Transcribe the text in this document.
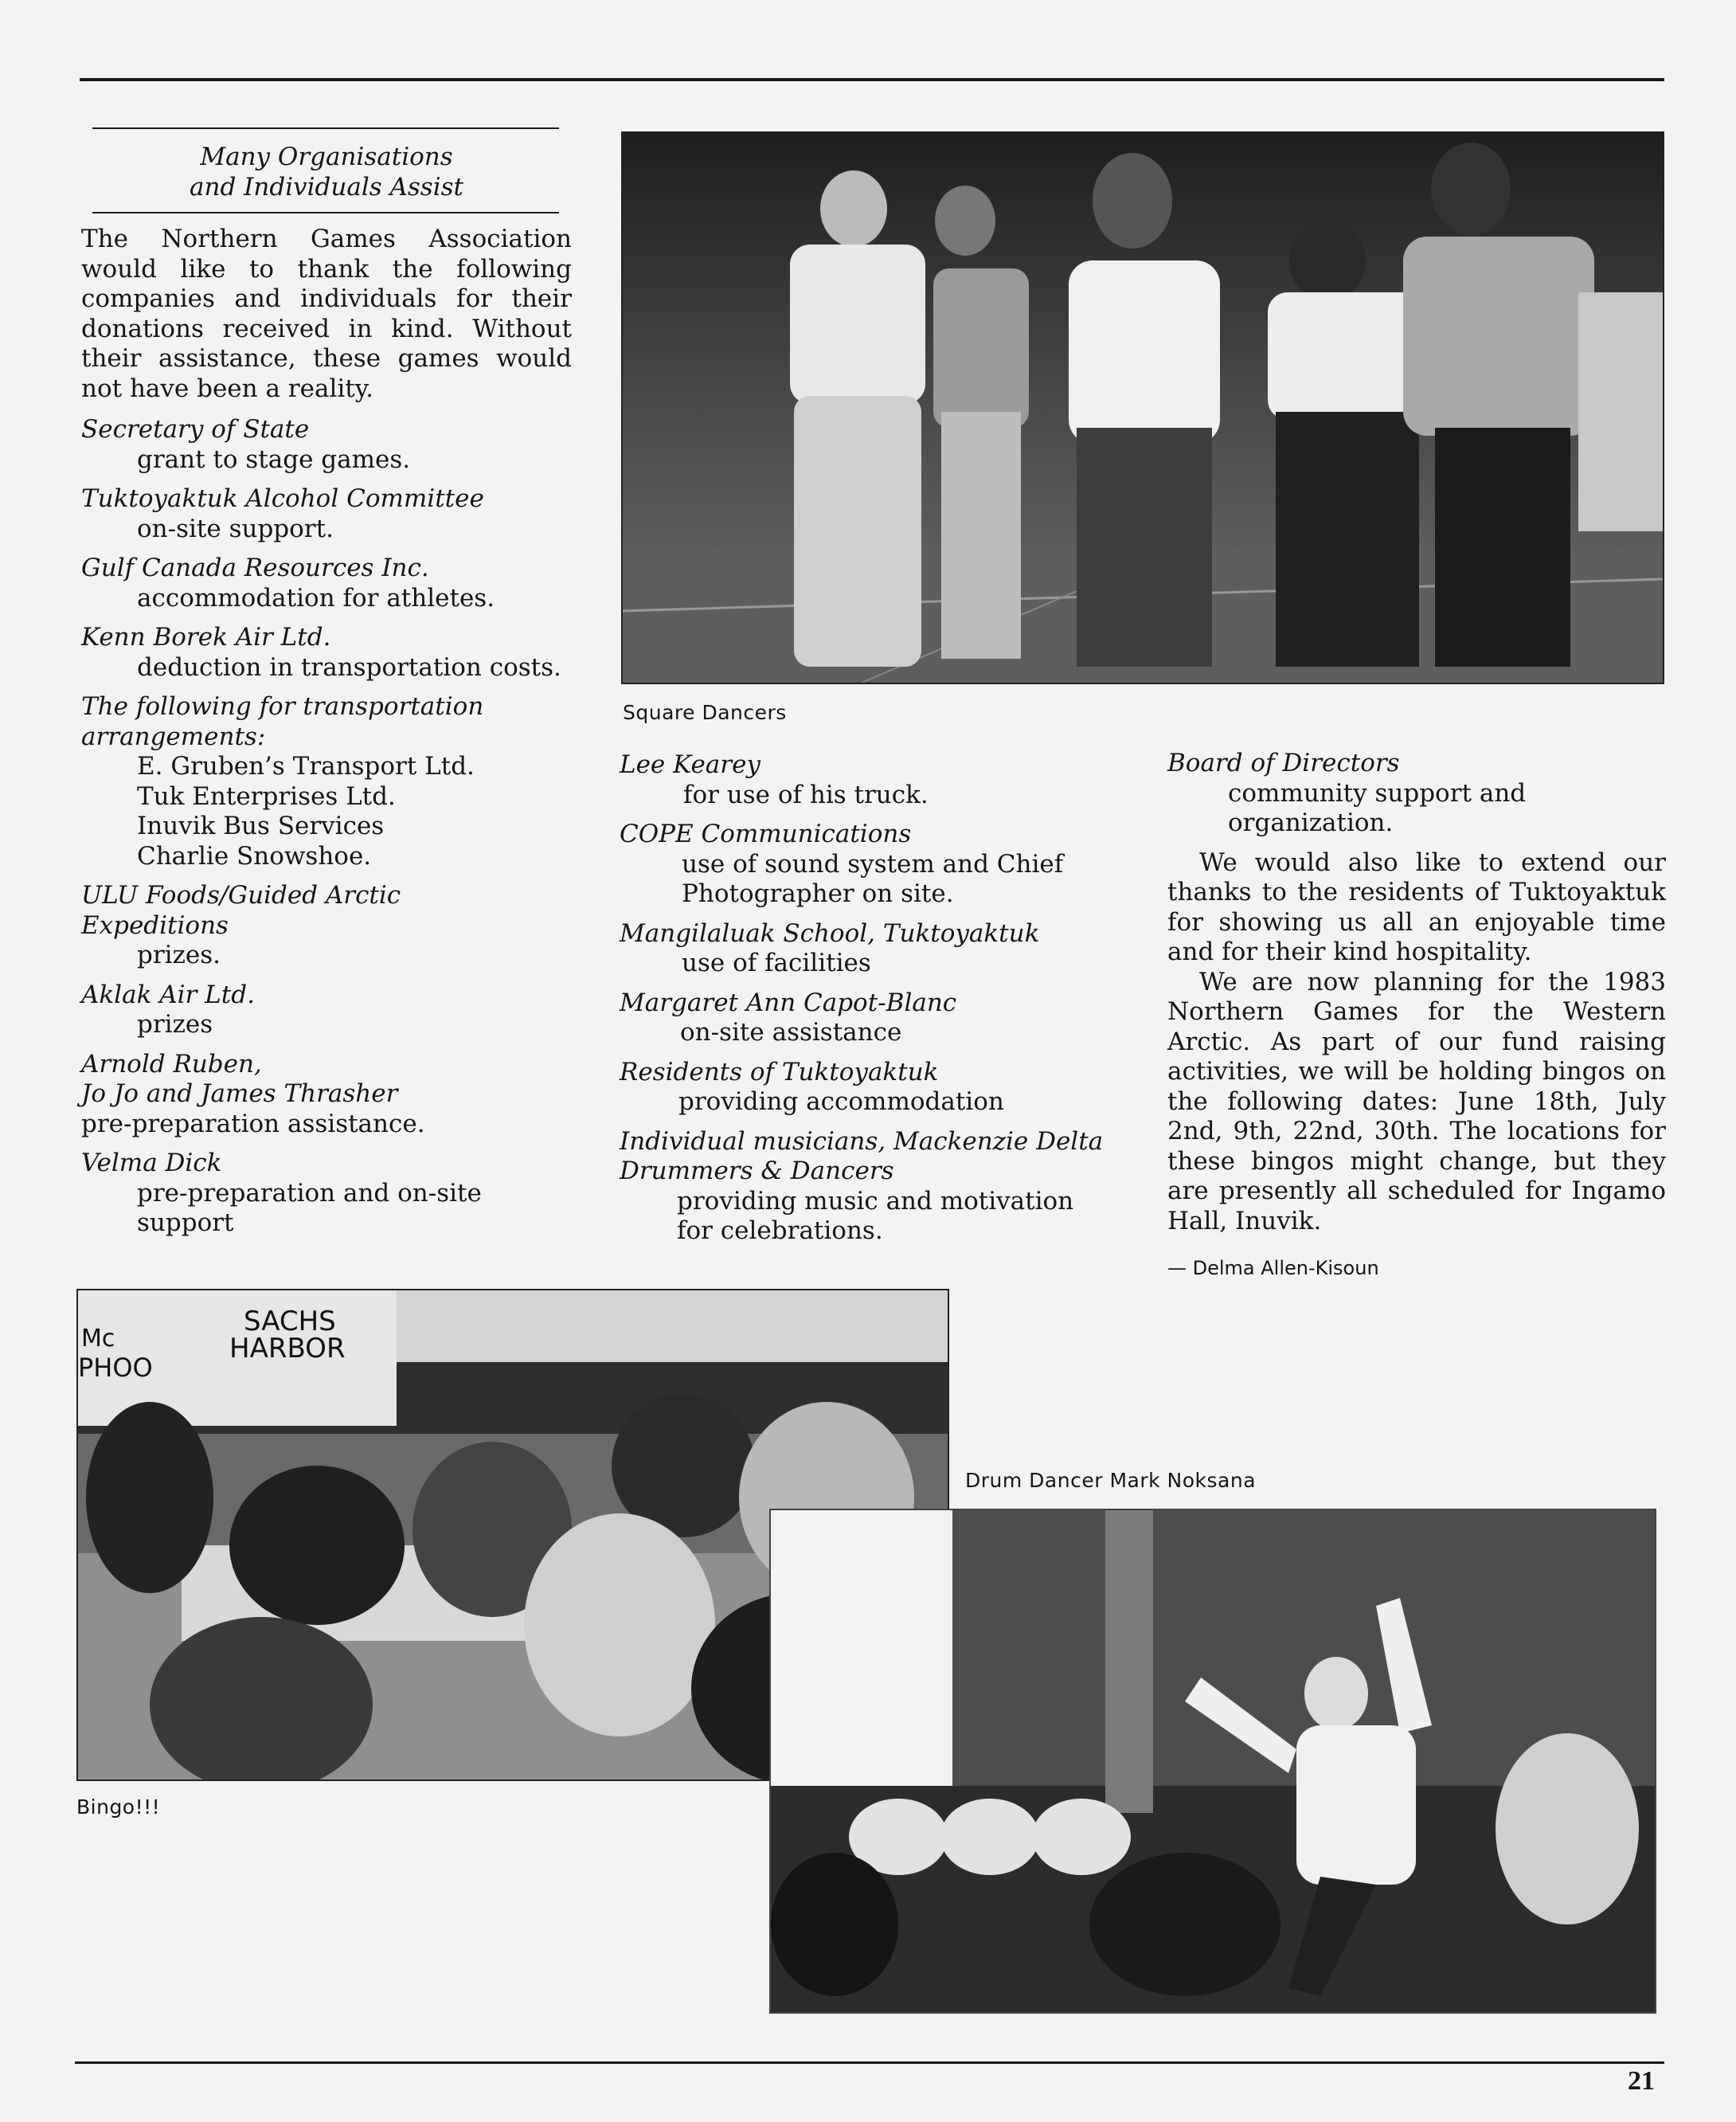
Many Organisations
and Individuals Assist
The Northern Games Association would like to thank the following companies and individuals for their donations received in kind. Without their assistance, these games would not have been a reality.
Secretary of State
grant to stage games.
Tuktoyaktuk Alcohol Committee
on-site support.
Gulf Canada Resources Inc.
accommodation for athletes.
Kenn Borek Air Ltd.
deduction in transportation costs.
The following for transportation
arrangements:
E. Gruben’s Transport Ltd.
Tuk Enterprises Ltd.
Inuvik Bus Services
Charlie Snowshoe.
ULU Foods/Guided Arctic
Expeditions
prizes.
Aklak Air Ltd.
prizes
Arnold Ruben,
Jo Jo and James Thrasher
pre-preparation assistance.
Velma Dick
pre-preparation and on-site
support
Square Dancers
Lee Kearey
for use of his truck.
COPE Communications
use of sound system and Chief
Photographer on site.
Mangilaluak School, Tuktoyaktuk
use of facilities
Margaret Ann Capot-Blanc
on-site assistance
Residents of Tuktoyaktuk
providing accommodation
Individual musicians, Mackenzie Delta
Drummers & Dancers
providing music and motivation
for celebrations.
Board of Directors
community support and
organization.
We would also like to extend our thanks to the residents of Tuktoyaktuk for showing us all an enjoyable time and for their kind hospitality.
We are now planning for the 1983 Northern Games for the Western Arctic. As part of our fund raising activities, we will be holding bingos on the following dates: June 18th, July 2nd, 9th, 22nd, 30th. The locations for these bingos might change, but they are presently all scheduled for Ingamo Hall, Inuvik.
— Delma Allen-Kisoun
SACHS
HARBOR
Mc
PHOO
Bingo!!!
Drum Dancer Mark Noksana
21
